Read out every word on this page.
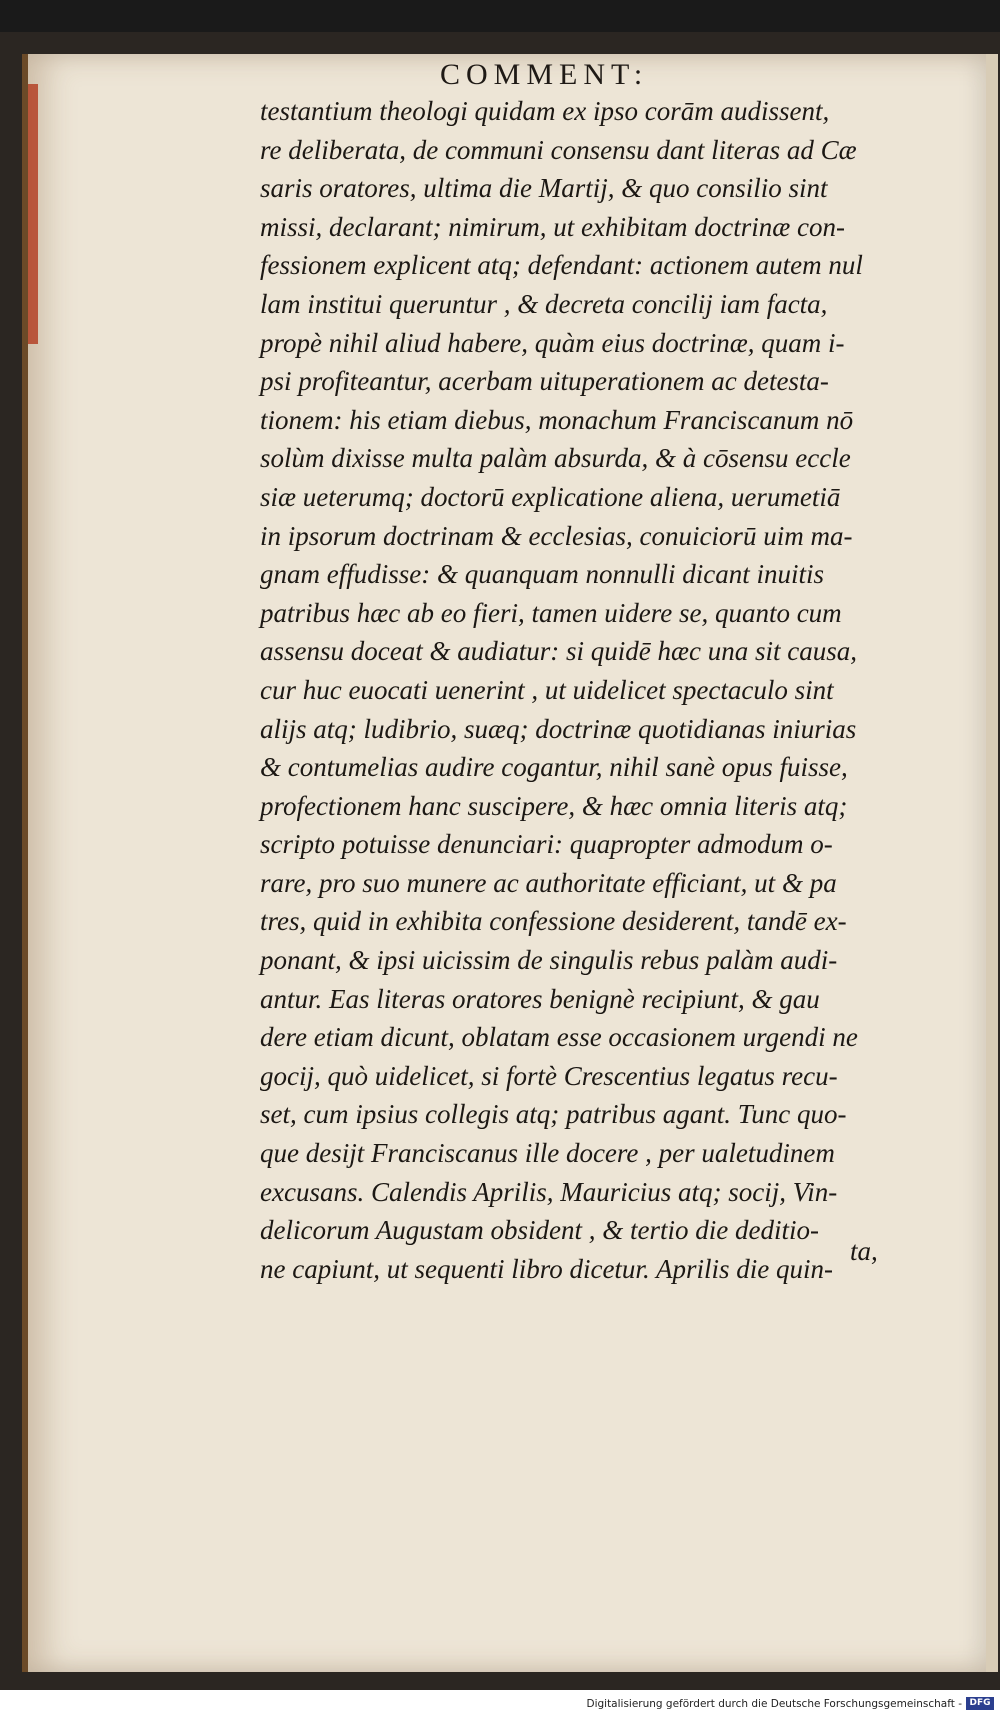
COMMENT:
testantium theologi quidam ex ipso corām audissent,
re deliberata, de communi consensu dant literas ad Cæ
saris oratores, ultima die Martij, & quo consilio sint
missi, declarant; nimirum, ut exhibitam doctrinæ con-
fessionem explicent atq; defendant: actionem autem nul
lam institui queruntur , & decreta concilij iam facta,
propè nihil aliud habere, quàm eius doctrinæ, quam i-
psi profiteantur, acerbam uituperationem ac detesta-
tionem: his etiam diebus, monachum Franciscanum nō
solùm dixisse multa palàm absurda, & à cōsensu eccle
siæ ueterumq; doctorū explicatione aliena, uerumetiā
in ipsorum doctrinam & ecclesias, conuiciorū uim ma-
gnam effudisse: & quanquam nonnulli dicant inuitis
patribus hæc ab eo fieri, tamen uidere se, quanto cum
assensu doceat & audiatur: si quidē hæc una sit causa,
cur huc euocati uenerint , ut uidelicet spectaculo sint
alijs atq; ludibrio, suæq; doctrinæ quotidianas iniurias
& contumelias audire cogantur, nihil sanè opus fuisse,
profectionem hanc suscipere, & hæc omnia literis atq;
scripto potuisse denunciari: quapropter admodum o-
rare, pro suo munere ac authoritate efficiant, ut & pa
tres, quid in exhibita confessione desiderent, tandē ex-
ponant, & ipsi uicissim de singulis rebus palàm audi-
antur. Eas literas oratores benignè recipiunt, & gau
dere etiam dicunt, oblatam esse occasionem urgendi ne
gocij, quò uidelicet, si fortè Crescentius legatus recu-
set, cum ipsius collegis atq; patribus agant. Tunc quo-
que desijt Franciscanus ille docere , per ualetudinem
excusans. Calendis Aprilis, Mauricius atq; socij, Vin-
delicorum Augustam obsident , & tertio die deditio-
ne capiunt, ut sequenti libro dicetur. Aprilis die quin-
ta,
Digitalisierung gefördert durch die Deutsche Forschungsgemeinschaft - DFG
